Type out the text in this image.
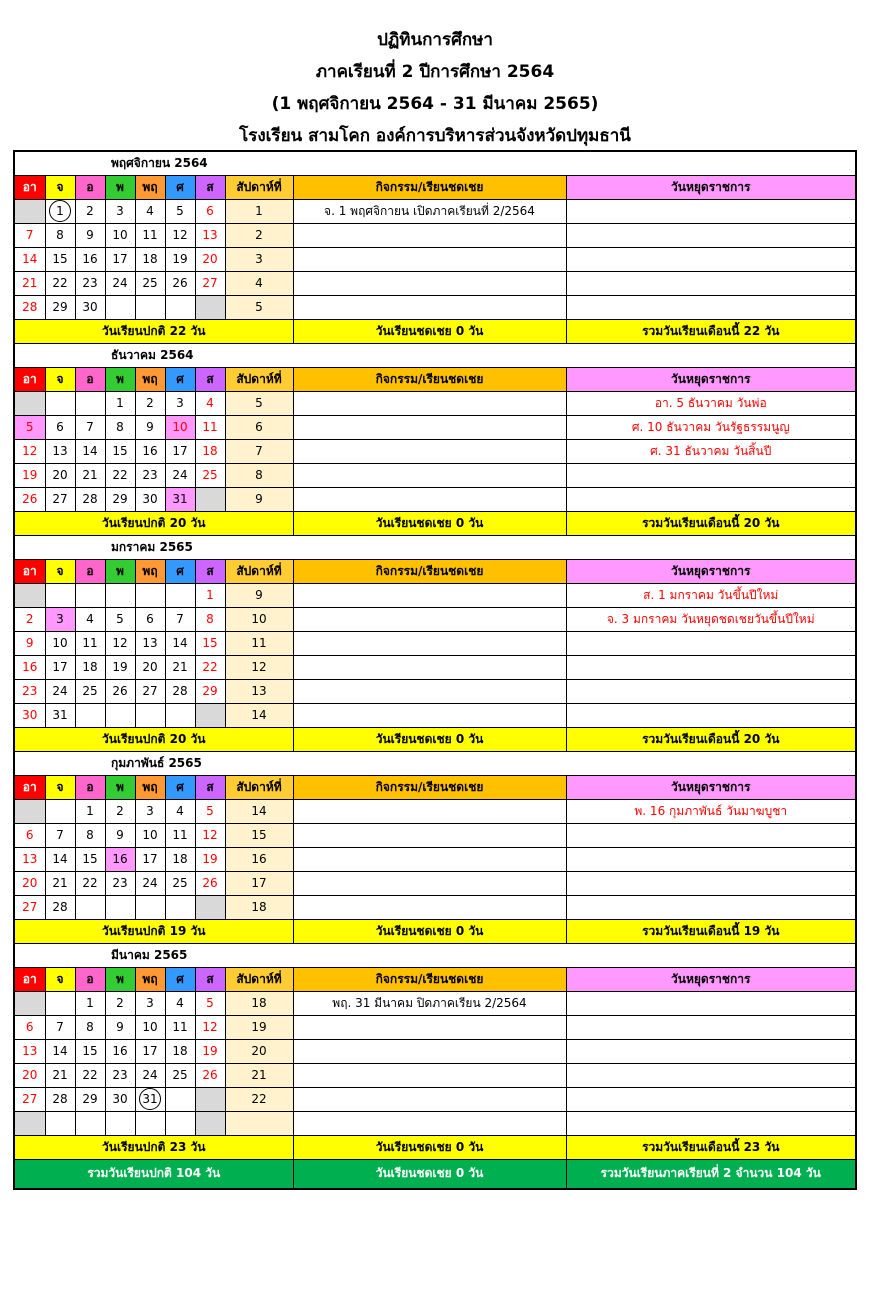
ปฏิทินการศึกษา
ภาคเรียนที่ 2 ปีการศึกษา 2564
(1 พฤศจิกายน 2564 - 31 มีนาคม 2565)
โรงเรียน สามโคก องค์การบริหารส่วนจังหวัดปทุมธานี
พฤศจิกายน 2564									
อา	จ	อ	พ	พฤ	ศ	ส	สัปดาห์ที่	กิจกรรม/เรียนชดเชย	วันหยุดราชการ
	1	2	3	4	5	6	1	จ. 1 พฤศจิกายน เปิดภาคเรียนที่ 2/2564	
7	8	9	10	11	12	13	2		
14	15	16	17	18	19	20	3		
21	22	23	24	25	26	27	4		
28	29	30					5		
วันเรียนปกติ 22 วัน								วันเรียนชดเชย 0 วัน	รวมวันเรียนเดือนนี้ 22 วัน
ธันวาคม 2564									
อา	จ	อ	พ	พฤ	ศ	ส	สัปดาห์ที่	กิจกรรม/เรียนชดเชย	วันหยุดราชการ
			1	2	3	4	5		อา. 5 ธันวาคม วันพ่อ
5	6	7	8	9	10	11	6		ศ. 10 ธันวาคม วันรัฐธรรมนูญ
12	13	14	15	16	17	18	7		ศ. 31 ธันวาคม วันสิ้นปี
19	20	21	22	23	24	25	8		
26	27	28	29	30	31		9		
วันเรียนปกติ 20 วัน								วันเรียนชดเชย 0 วัน	รวมวันเรียนเดือนนี้ 20 วัน
มกราคม 2565									
อา	จ	อ	พ	พฤ	ศ	ส	สัปดาห์ที่	กิจกรรม/เรียนชดเชย	วันหยุดราชการ
						1	9		ส. 1 มกราคม วันขึ้นปีใหม่
2	3	4	5	6	7	8	10		จ. 3 มกราคม วันหยุดชดเชยวันขึ้นปีใหม่
9	10	11	12	13	14	15	11		
16	17	18	19	20	21	22	12		
23	24	25	26	27	28	29	13		
30	31						14		
วันเรียนปกติ 20 วัน								วันเรียนชดเชย 0 วัน	รวมวันเรียนเดือนนี้ 20 วัน
กุมภาพันธ์ 2565									
อา	จ	อ	พ	พฤ	ศ	ส	สัปดาห์ที่	กิจกรรม/เรียนชดเชย	วันหยุดราชการ
		1	2	3	4	5	14		พ. 16 กุมภาพันธ์ วันมาฆบูชา
6	7	8	9	10	11	12	15		
13	14	15	16	17	18	19	16		
20	21	22	23	24	25	26	17		
27	28						18		
วันเรียนปกติ 19 วัน								วันเรียนชดเชย 0 วัน	รวมวันเรียนเดือนนี้ 19 วัน
มีนาคม 2565									
อา	จ	อ	พ	พฤ	ศ	ส	สัปดาห์ที่	กิจกรรม/เรียนชดเชย	วันหยุดราชการ
		1	2	3	4	5	18	พฤ. 31 มีนาคม ปิดภาคเรียน 2/2564	
6	7	8	9	10	11	12	19		
13	14	15	16	17	18	19	20		
20	21	22	23	24	25	26	21		
27	28	29	30	31			22		

วันเรียนปกติ 23 วัน								วันเรียนชดเชย 0 วัน	รวมวันเรียนเดือนนี้ 23 วัน
รวมวันเรียนปกติ 104 วัน								วันเรียนชดเชย 0 วัน	รวมวันเรียนภาคเรียนที่ 2 จำนวน 104 วัน
